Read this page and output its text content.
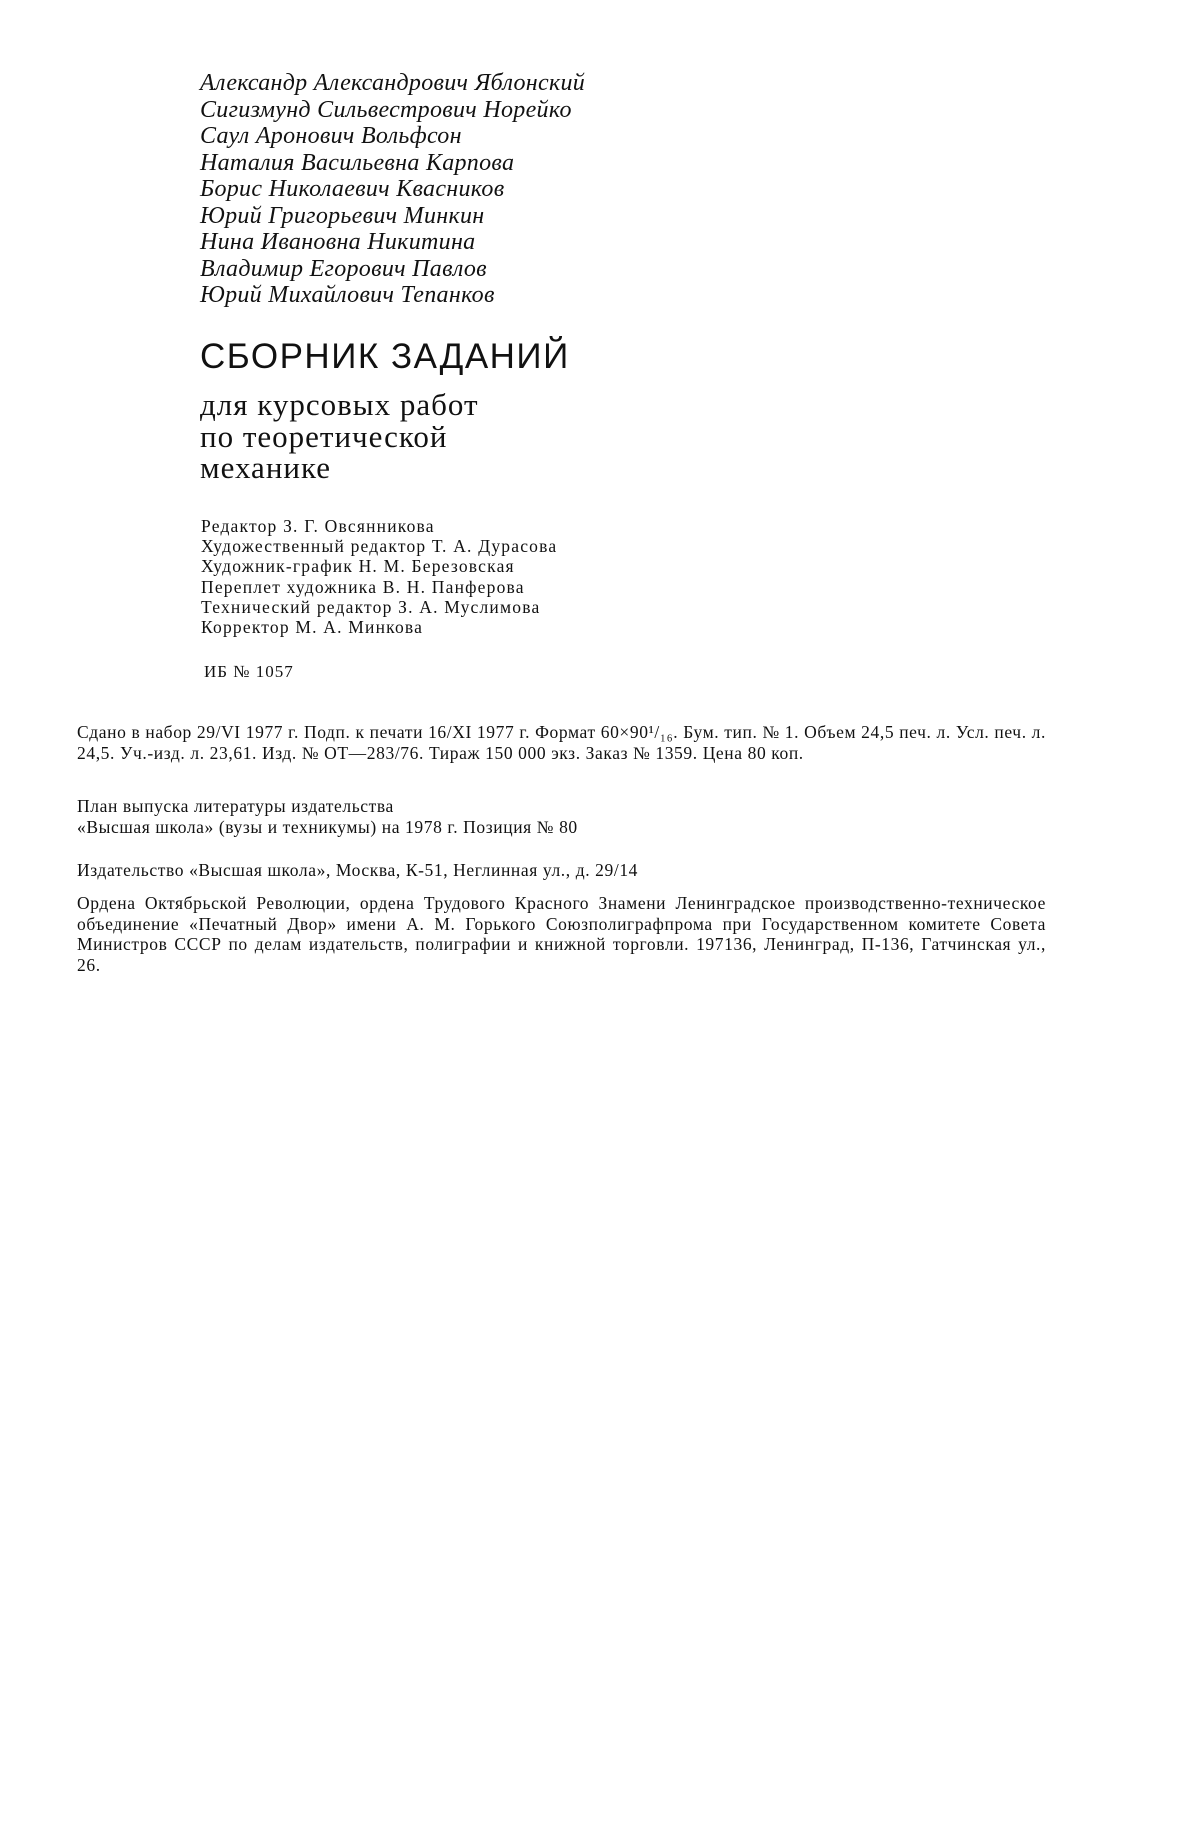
Александр Александрович Яблонский
Сигизмунд Сильвестрович Норейко
Саул Аронович Вольфсон
Наталия Васильевна Карпова
Борис Николаевич Квасников
Юрий Григорьевич Минкин
Нина Ивановна Никитина
Владимир Егорович Павлов
Юрий Михайлович Тепанков
СБОРНИК ЗАДАНИЙ
для курсовых работ
по теоретической
механике
Редактор З. Г. Овсянникова
Художественный редактор Т. А. Дурасова
Художник-график Н. М. Березовская
Переплет художника В. Н. Панферова
Технический редактор З. А. Муслимова
Корректор М. А. Минкова
ИБ № 1057
Сдано в набор 29/VI 1977 г. Подп. к печати 16/XI 1977 г. Формат 60×90¹/₁₆. Бум. тип. № 1. Объем 24,5 печ. л. Усл. печ. л. 24,5. Уч.-изд. л. 23,61. Изд. № ОТ—283/76. Тираж 150 000 экз. Заказ № 1359. Цена 80 коп.
План выпуска литературы издательства
«Высшая школа» (вузы и техникумы) на 1978 г. Позиция № 80
Издательство «Высшая школа», Москва, К-51, Неглинная ул., д. 29/14
Ордена Октябрьской Революции, ордена Трудового Красного Знамени Ленинградское производственно-техническое объединение «Печатный Двор» имени А. М. Горького Союзполиграфпрома при Государственном комитете Совета Министров СССР по делам издательств, полиграфии и книжной торговли. 197136, Ленинград, П-136, Гатчинская ул., 26.
